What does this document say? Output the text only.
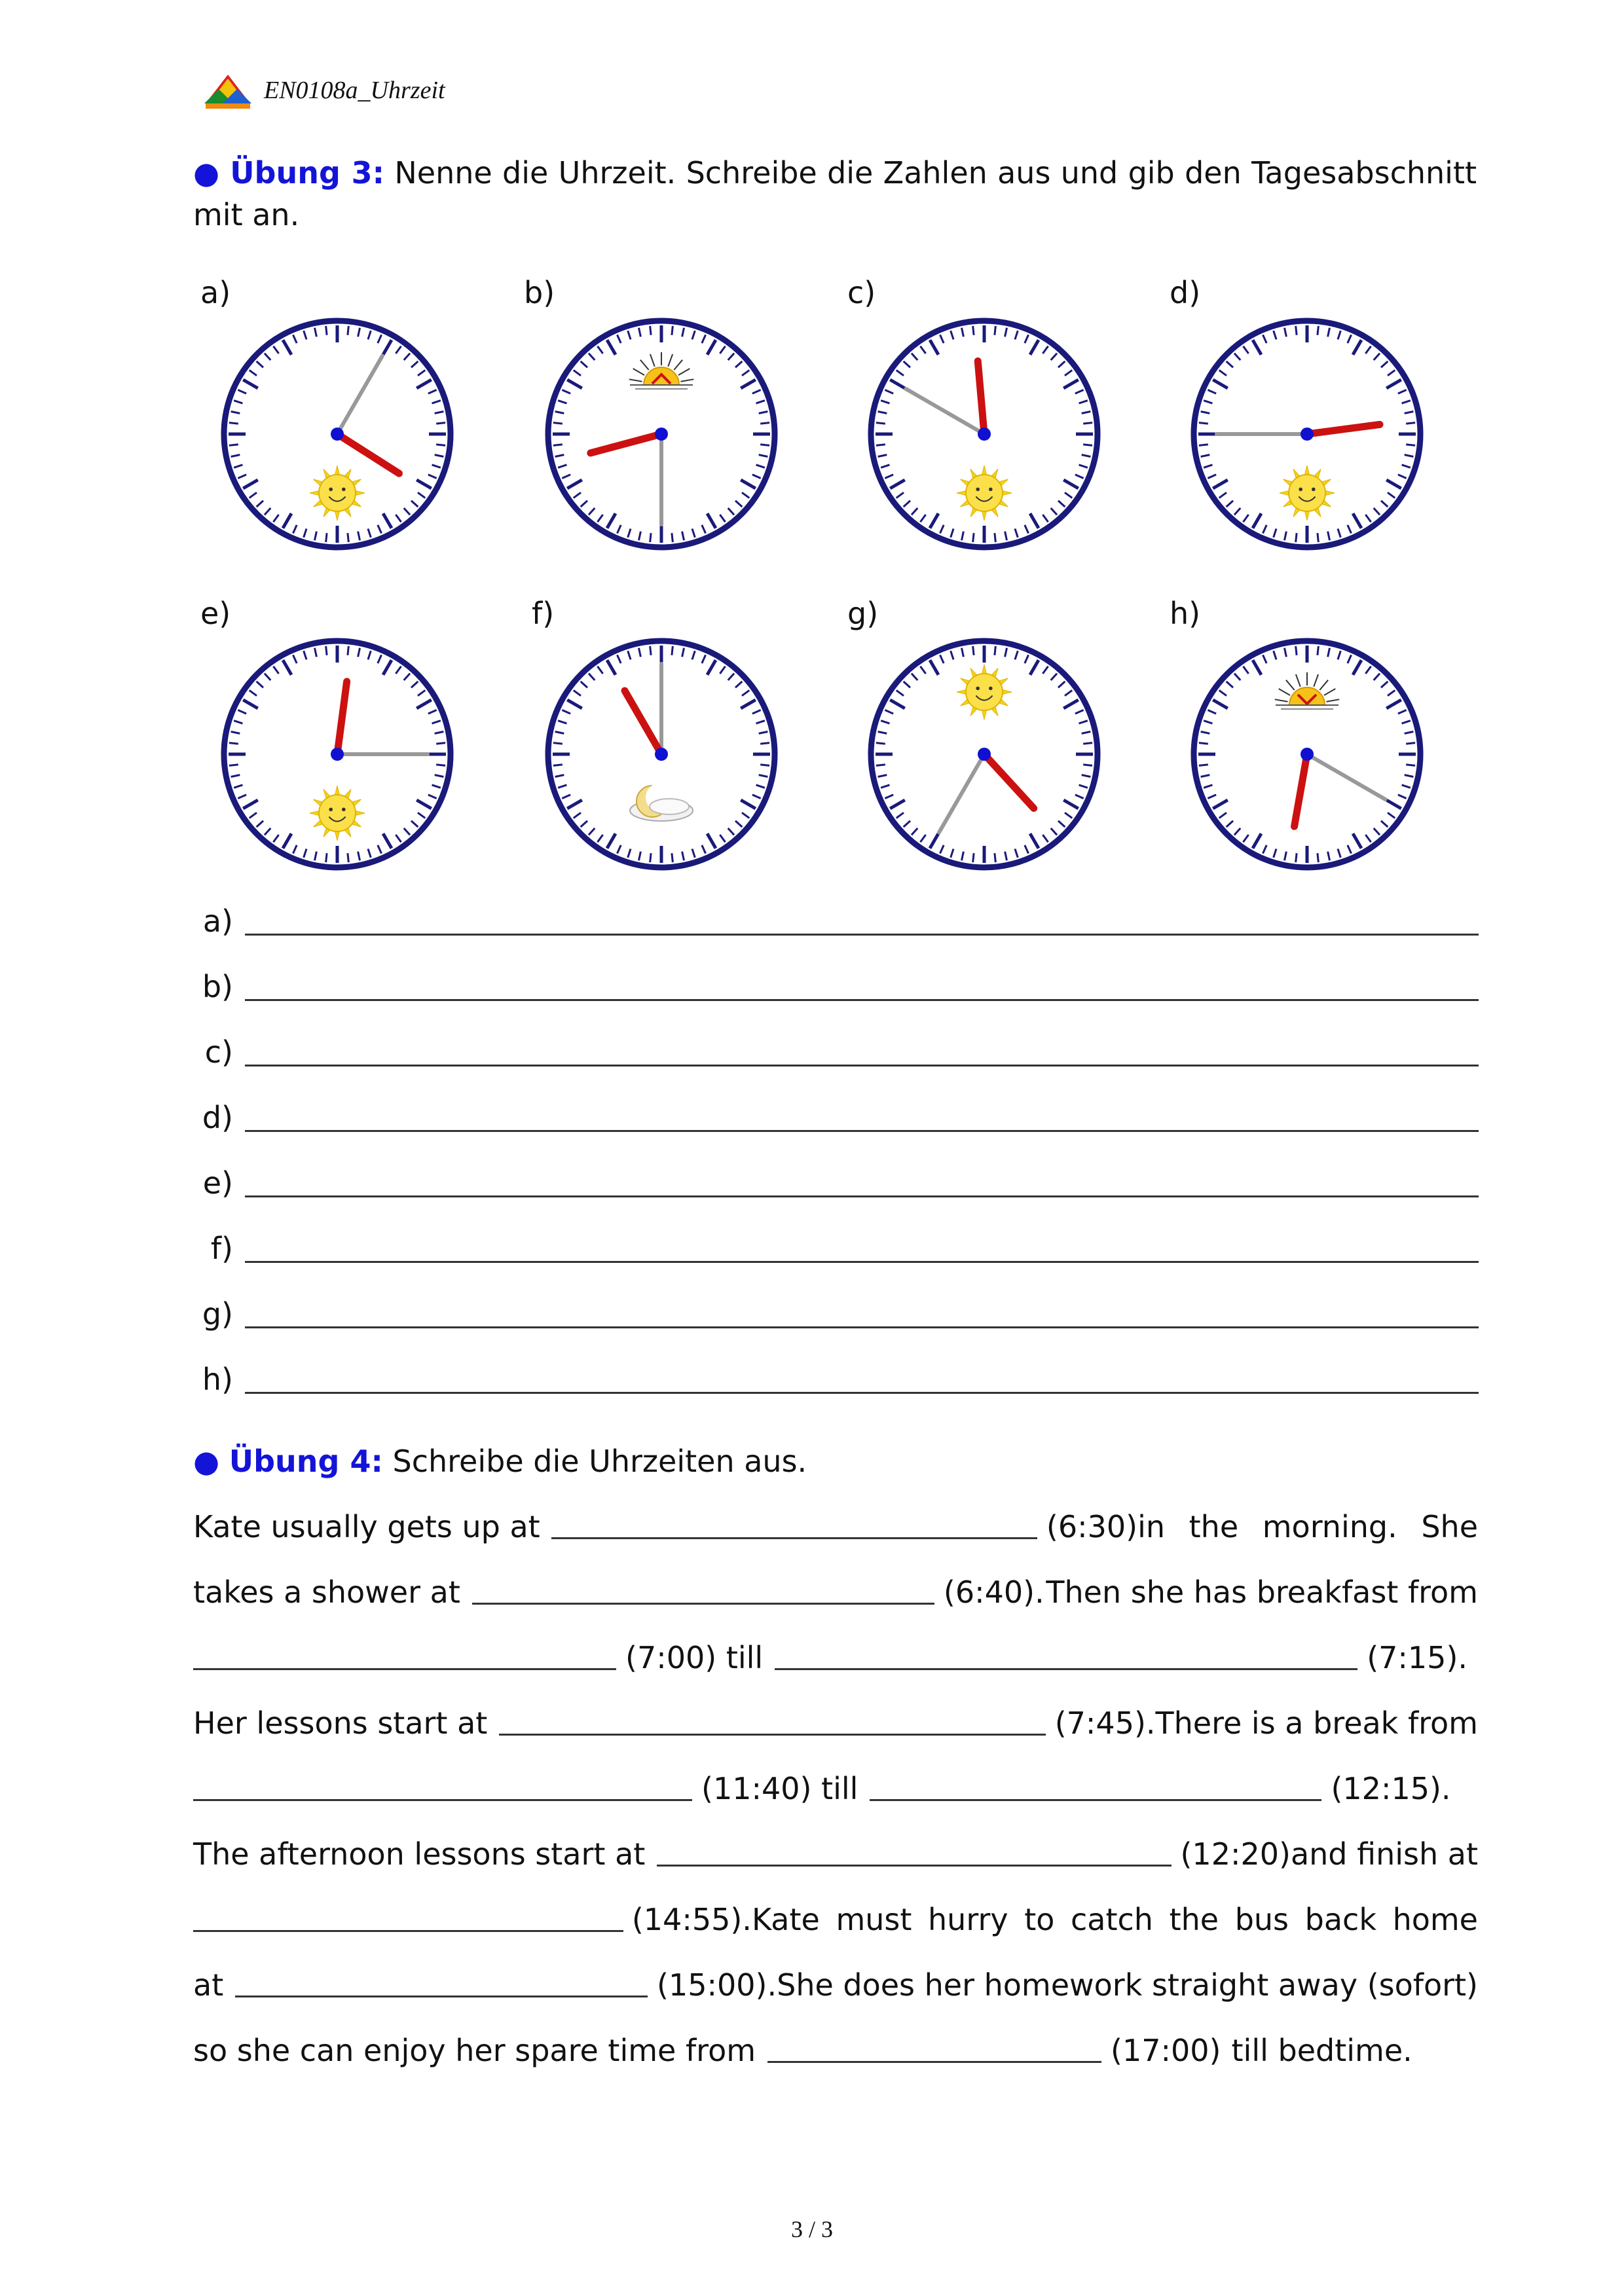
EN0108a_Uhrzeit
● Übung 3: Nenne die Uhrzeit. Schreibe die Zahlen aus und gib den Tagesabschnitt mit an.
a)	b)	c)	d)
e)	f)	g)	h)
a)
b)
c)
d)
e)
f)
g)
h)
● Übung 4: Schreibe die Uhrzeiten aus.
Kate usually gets up at	(6:30) in the morning. She
takes a shower at	(6:40). Then she has breakfast from
(7:00) till	(7:15).
Her lessons start at	(7:45). There is a break from
(11:40) till	(12:15).
The afternoon lessons start at	(12:20) and finish at
(14:55). Kate must hurry to catch the bus back home
at	(15:00). She does her homework straight away (sofort)
so she can enjoy her spare time from	(17:00) till bedtime.
3 / 3
